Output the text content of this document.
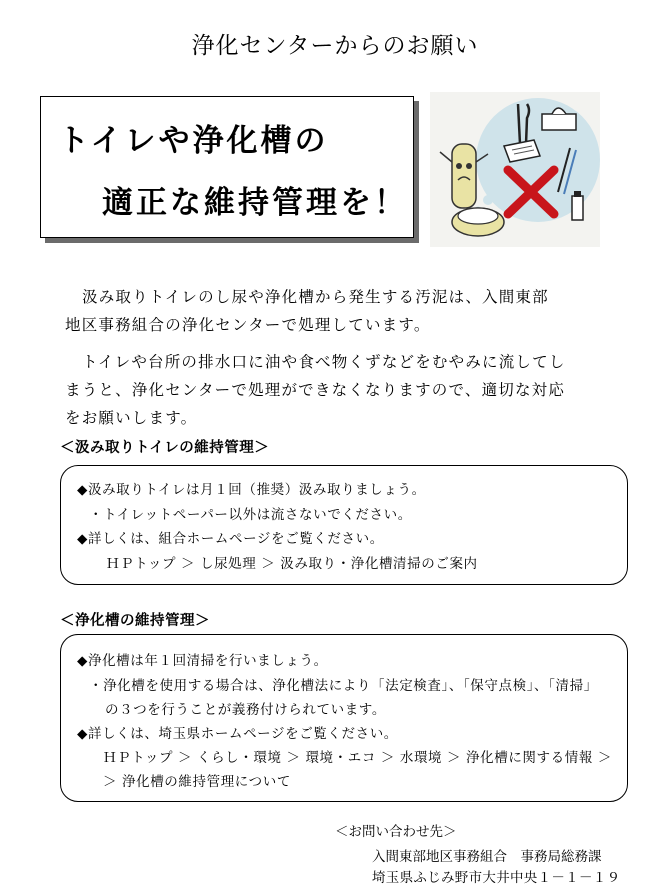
浄化センターからのお願い
トイレや浄化槽の
適正な維持管理を！
汲み取りトイレのし尿や浄化槽から発生する汚泥は、入間東部
地区事務組合の浄化センターで処理しています。
トイレや台所の排水口に油や食べ物くずなどをむやみに流してし
まうと、浄化センターで処理ができなくなりますので、適切な対応
をお願いします。
＜汲み取りトイレの維持管理＞
◆汲み取りトイレは月１回（推奨）汲み取りましょう。
・トイレットペーパー以外は流さないでください。
◆詳しくは、組合ホームページをご覧ください。
ＨＰトップ ＞ し尿処理 ＞ 汲み取り・浄化槽清掃のご案内
＜浄化槽の維持管理＞
◆浄化槽は年１回清掃を行いましょう。
・浄化槽を使用する場合は、浄化槽法により「法定検査」、「保守点検」、「清掃」
の３つを行うことが義務付けられています。
◆詳しくは、埼玉県ホームページをご覧ください。
ＨＰトップ ＞ くらし・環境 ＞ 環境・エコ ＞ 水環境 ＞ 浄化槽に関する情報 ＞
＞ 浄化槽の維持管理について
＜お問い合わせ先＞
入間東部地区事務組合　事務局総務課
埼玉県ふじみ野市大井中央１－１－１９
